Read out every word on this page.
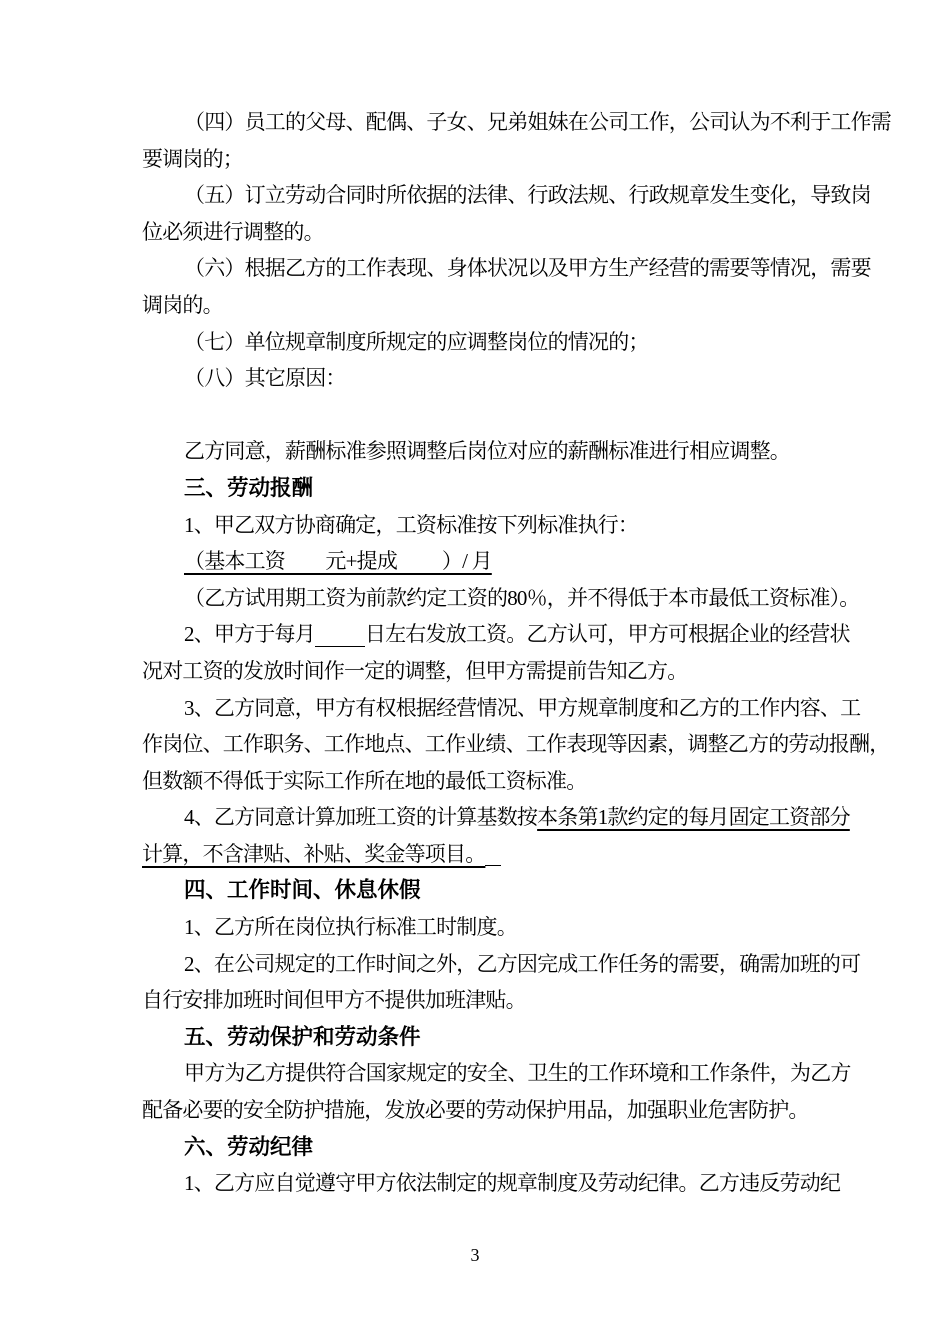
（四）员工的父母、配偶、子女、兄弟姐妹在公司工作，公司认为不利于工作需
要调岗的；
（五）订立劳动合同时所依据的法律、行政法规、行政规章发生变化，导致岗
位必须进行调整的。
（六）根据乙方的工作表现、身体状况以及甲方生产经营的需要等情况，需要
调岗的。
（七）单位规章制度所规定的应调整岗位的情况的；
（八）其它原因：
乙方同意，薪酬标准参照调整后岗位对应的薪酬标准进行相应调整。
三、劳动报酬
1、甲乙双方协商确定，工资标准按下列标准执行：
（基本工资　　元+提成　　 ）/ 月
（乙方试用期工资为前款约定工资的80％，并不得低于本市最低工资标准）。
2、甲方于每月 日左右发放工资。乙方认可，甲方可根据企业的经营状
况对工资的发放时间作一定的调整，但甲方需提前告知乙方。
3、乙方同意，甲方有权根据经营情况、甲方规章制度和乙方的工作内容、工
作岗位、工作职务、工作地点、工作业绩、工作表现等因素，调整乙方的劳动报酬，
但数额不得低于实际工作所在地的最低工资标准。
4、乙方同意计算加班工资的计算基数按本条第1款约定的每月固定工资部分
计算，不含津贴、补贴、奖金等项目。
四、工作时间、休息休假
1、乙方所在岗位执行标准工时制度。
2、在公司规定的工作时间之外，乙方因完成工作任务的需要，确需加班的可
自行安排加班时间但甲方不提供加班津贴。
五、劳动保护和劳动条件
甲方为乙方提供符合国家规定的安全、卫生的工作环境和工作条件，为乙方
配备必要的安全防护措施，发放必要的劳动保护用品，加强职业危害防护。
六、劳动纪律
1、乙方应自觉遵守甲方依法制定的规章制度及劳动纪律。乙方违反劳动纪
3
